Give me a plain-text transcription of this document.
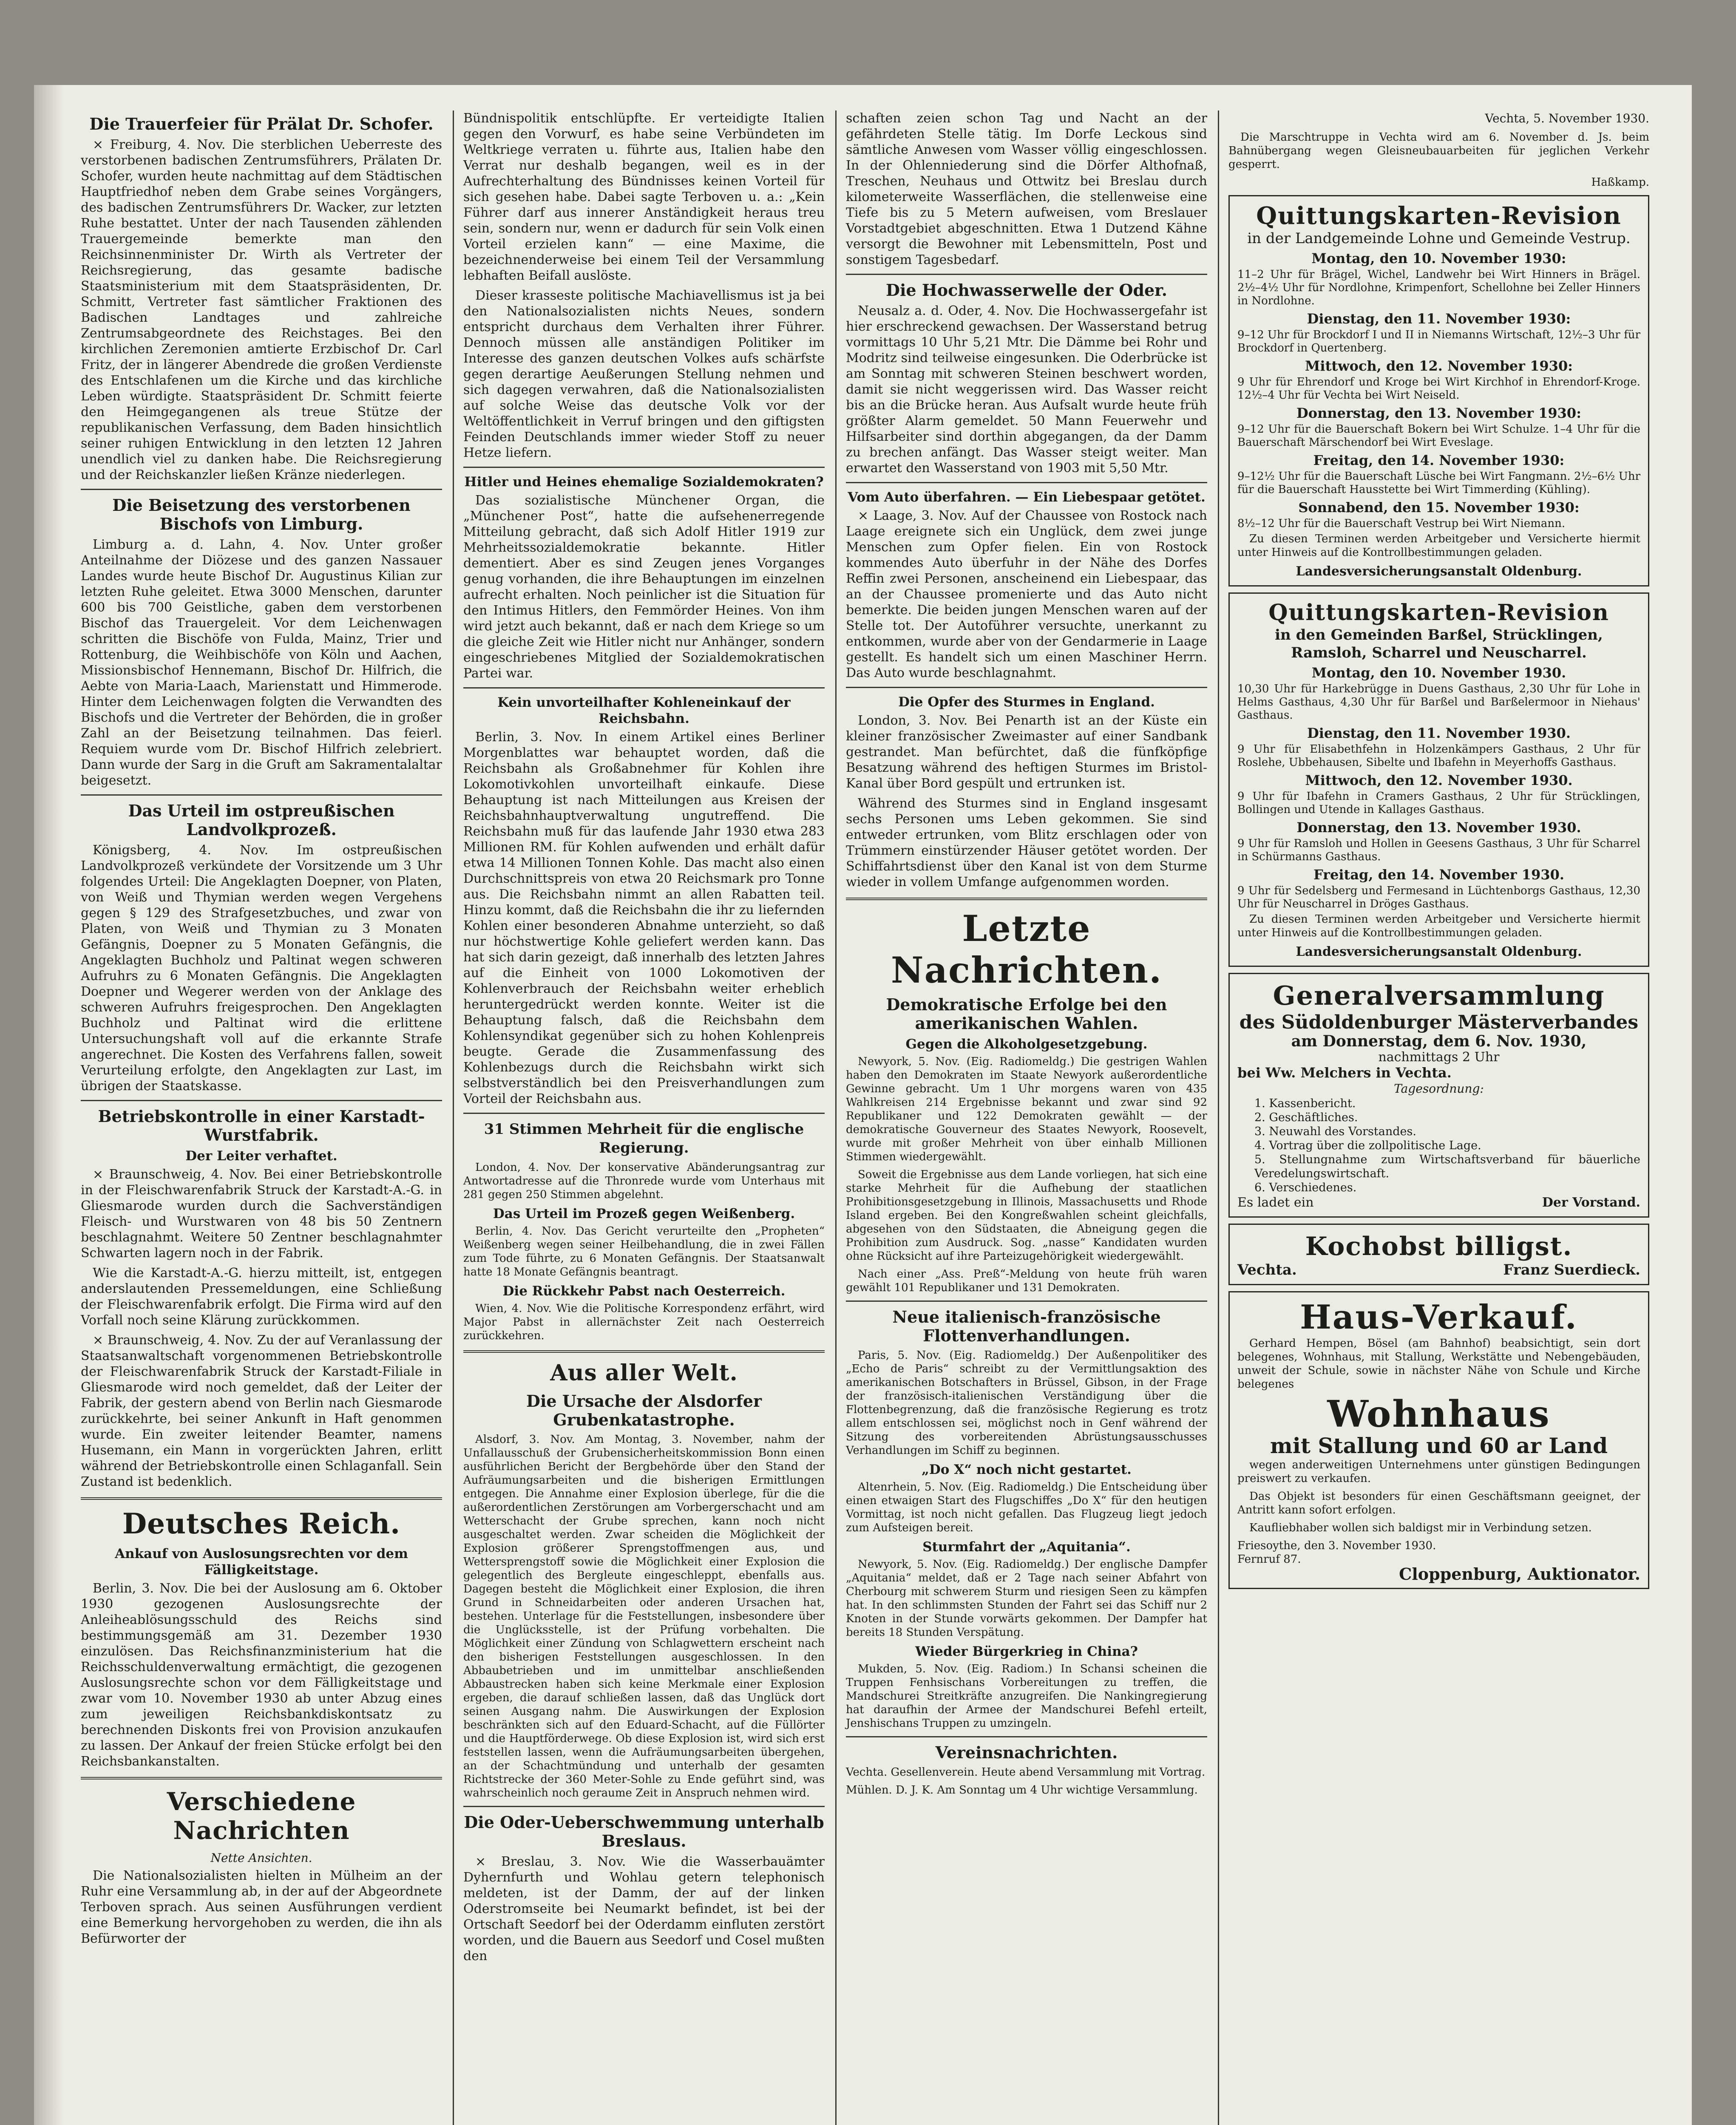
Die Trauerfeier für Prälat Dr. Schofer.

× Freiburg, 4. Nov. Die sterblichen Ueberreste des verstorbenen badischen Zentrumsführers, Prälaten Dr. Schofer, wurden heute nachmittag auf dem Städtischen Hauptfriedhof neben dem Grabe seines Vorgängers, des badischen Zentrumsführers Dr. Wacker, zur letzten Ruhe bestattet. Unter der nach Tausenden zählenden Trauergemeinde bemerkte man den Reichsinnenminister Dr. Wirth als Vertreter der Reichsregierung, das gesamte badische Staatsministerium mit dem Staatspräsidenten, Dr. Schmitt, Vertreter fast sämtlicher Fraktionen des Badischen Landtages und zahlreiche Zentrumsabgeordnete des Reichstages. Bei den kirchlichen Zeremonien amtierte Erzbischof Dr. Carl Fritz, der in längerer Abendrede die großen Verdienste des Entschlafenen um die Kirche und das kirchliche Leben würdigte. Staatspräsident Dr. Schmitt feierte den Heimgegangenen als treue Stütze der republikanischen Verfassung, dem Baden hinsichtlich seiner ruhigen Entwicklung in den letzten 12 Jahren unendlich viel zu danken habe. Die Reichsregierung und der Reichskanzler ließen Kränze niederlegen.

Die Beisetzung des verstorbenen Bischofs von Limburg.

Limburg a. d. Lahn, 4. Nov. Unter großer Anteilnahme der Diözese und des ganzen Nassauer Landes wurde heute Bischof Dr. Augustinus Kilian zur letzten Ruhe geleitet. Etwa 3000 Menschen, darunter 600 bis 700 Geistliche, gaben dem verstorbenen Bischof das Trauergeleit. Vor dem Leichenwagen schritten die Bischöfe von Fulda, Mainz, Trier und Rottenburg, die Weihbischöfe von Köln und Aachen, Missionsbischof Hennemann, Bischof Dr. Hilfrich, die Aebte von Maria-Laach, Marienstatt und Himmerode. Hinter dem Leichenwagen folgten die Verwandten des Bischofs und die Vertreter der Behörden, die in großer Zahl an der Beisetzung teilnahmen. Das feierl. Requiem wurde vom Dr. Bischof Hilfrich zelebriert. Dann wurde der Sarg in die Gruft am Sakramentalaltar beigesetzt.

Das Urteil im ostpreußischen Landvolkprozeß.

Königsberg, 4. Nov. Im ostpreußischen Landvolkprozeß verkündete der Vorsitzende um 3 Uhr folgendes Urteil: Die Angeklagten Doepner, von Platen, von Weiß und Thymian werden wegen Vergehens gegen § 129 des Strafgesetzbuches, und zwar von Platen, von Weiß und Thymian zu 3 Monaten Gefängnis, Doepner zu 5 Monaten Gefängnis, die Angeklagten Buchholz und Paltinat wegen schweren Aufruhrs zu 6 Monaten Gefängnis. Die Angeklagten Doepner und Wegerer werden von der Anklage des schweren Aufruhrs freigesprochen. Den Angeklagten Buchholz und Paltinat wird die erlittene Untersuchungshaft voll auf die erkannte Strafe angerechnet. Die Kosten des Verfahrens fallen, soweit Verurteilung erfolgte, den Angeklagten zur Last, im übrigen der Staatskasse.

Betriebskontrolle in einer Karstadt-Wurstfabrik.
Der Leiter verhaftet.

× Braunschweig, 4. Nov. Bei einer Betriebskontrolle in der Fleischwarenfabrik Struck der Karstadt-A.-G. in Gliesmarode wurden durch die Sachverständigen Fleisch- und Wurstwaren von 48 bis 50 Zentnern beschlagnahmt. Weitere 50 Zentner beschlagnahmter Schwarten lagern noch in der Fabrik.

Wie die Karstadt-A.-G. hierzu mitteilt, ist, entgegen anderslautenden Pressemeldungen, eine Schließung der Fleischwarenfabrik erfolgt. Die Firma wird auf den Vorfall noch seine Klärung zurückkommen.

× Braunschweig, 4. Nov. Zu der auf Veranlassung der Staatsanwaltschaft vorgenommenen Betriebskontrolle der Fleischwarenfabrik Struck der Karstadt-Filiale in Gliesmarode wird noch gemeldet, daß der Leiter der Fabrik, der gestern abend von Berlin nach Giesmarode zurückkehrte, bei seiner Ankunft in Haft genommen wurde. Ein zweiter leitender Beamter, namens Husemann, ein Mann in vorgerückten Jahren, erlitt während der Betriebskontrolle einen Schlaganfall. Sein Zustand ist bedenklich.

Deutsches Reich.
Ankauf von Auslosungsrechten vor dem Fälligkeitstage.

Berlin, 3. Nov. Die bei der Auslosung am 6. Oktober 1930 gezogenen Auslosungsrechte der Anleiheablösungsschuld des Reichs sind bestimmungsgemäß am 31. Dezember 1930 einzulösen. Das Reichsfinanzministerium hat die Reichsschuldenverwaltung ermächtigt, die gezogenen Auslosungsrechte schon vor dem Fälligkeitstage und zwar vom 10. November 1930 ab unter Abzug eines zum jeweiligen Reichsbankdiskontsatz zu berechnenden Diskonts frei von Provision anzukaufen zu lassen. Der Ankauf der freien Stücke erfolgt bei den Reichsbankanstalten.

Verschiedene Nachrichten
Nette Ansichten.

Die Nationalsozialisten hielten in Mülheim an der Ruhr eine Versammlung ab, in der auf der Abgeordnete Terboven sprach. Aus seinen Ausführungen verdient eine Bemerkung hervorgehoben zu werden, die ihn als Befürworter der

Bündnispolitik entschlüpfte. Er verteidigte Italien gegen den Vorwurf, es habe seine Verbündeten im Weltkriege verraten u. führte aus, Italien habe den Verrat nur deshalb begangen, weil es in der Aufrechterhaltung des Bündnisses keinen Vorteil für sich gesehen habe. Dabei sagte Terboven u. a.: „Kein Führer darf aus innerer Anständigkeit heraus treu sein, sondern nur, wenn er dadurch für sein Volk einen Vorteil erzielen kann“ — eine Maxime, die bezeichnenderweise bei einem Teil der Versammlung lebhaften Beifall auslöste.

Dieser krasseste politische Machiavellismus ist ja bei den Nationalsozialisten nichts Neues, sondern entspricht durchaus dem Verhalten ihrer Führer. Dennoch müssen alle anständigen Politiker im Interesse des ganzen deutschen Volkes aufs schärfste gegen derartige Aeußerungen Stellung nehmen und sich dagegen verwahren, daß die Nationalsozialisten auf solche Weise das deutsche Volk vor der Weltöffentlichkeit in Verruf bringen und den giftigsten Feinden Deutschlands immer wieder Stoff zu neuer Hetze liefern.

Hitler und Heines ehemalige Sozialdemokraten?

Das sozialistische Münchener Organ, die „Münchener Post“, hatte die aufsehenerregende Mitteilung gebracht, daß sich Adolf Hitler 1919 zur Mehrheitssozialdemokratie bekannte. Hitler dementiert. Aber es sind Zeugen jenes Vorganges genug vorhanden, die ihre Behauptungen im einzelnen aufrecht erhalten. Noch peinlicher ist die Situation für den Intimus Hitlers, den Femmörder Heines. Von ihm wird jetzt auch bekannt, daß er nach dem Kriege so um die gleiche Zeit wie Hitler nicht nur Anhänger, sondern eingeschriebenes Mitglied der Sozialdemokratischen Partei war.

Kein unvorteilhafter Kohleneinkauf der Reichsbahn.

Berlin, 3. Nov. In einem Artikel eines Berliner Morgenblattes war behauptet worden, daß die Reichsbahn als Großabnehmer für Kohlen ihre Lokomotivkohlen unvorteilhaft einkaufe. Diese Behauptung ist nach Mitteilungen aus Kreisen der Reichsbahnhauptverwaltung ungutreffend. Die Reichsbahn muß für das laufende Jahr 1930 etwa 283 Millionen RM. für Kohlen aufwenden und erhält dafür etwa 14 Millionen Tonnen Kohle. Das macht also einen Durchschnittspreis von etwa 20 Reichsmark pro Tonne aus. Die Reichsbahn nimmt an allen Rabatten teil. Hinzu kommt, daß die Reichsbahn die ihr zu liefernden Kohlen einer besonderen Abnahme unterzieht, so daß nur höchstwertige Kohle geliefert werden kann. Das hat sich darin gezeigt, daß innerhalb des letzten Jahres auf die Einheit von 1000 Lokomotiven der Kohlenverbrauch der Reichsbahn weiter erheblich heruntergedrückt werden konnte. Weiter ist die Behauptung falsch, daß die Reichsbahn dem Kohlensyndikat gegenüber sich zu hohen Kohlenpreis beugte. Gerade die Zusammenfassung des Kohlenbezugs durch die Reichsbahn wirkt sich selbstverständlich bei den Preisverhandlungen zum Vorteil der Reichsbahn aus.

31 Stimmen Mehrheit für die englische Regierung.

London, 4. Nov. Der konservative Abänderungsantrag zur Antwortadresse auf die Thronrede wurde vom Unterhaus mit 281 gegen 250 Stimmen abgelehnt.

Das Urteil im Prozeß gegen Weißenberg.

Berlin, 4. Nov. Das Gericht verurteilte den „Propheten“ Weißenberg wegen seiner Heilbehandlung, die in zwei Fällen zum Tode führte, zu 6 Monaten Gefängnis. Der Staatsanwalt hatte 18 Monate Gefängnis beantragt.

Die Rückkehr Pabst nach Oesterreich.

Wien, 4. Nov. Wie die Politische Korrespondenz erfährt, wird Major Pabst in allernächster Zeit nach Oesterreich zurückkehren.

Aus aller Welt.
Die Ursache der Alsdorfer Grubenkatastrophe.

Alsdorf, 3. Nov. Am Montag, 3. November, nahm der Unfallausschuß der Grubensicherheitskommission Bonn einen ausführlichen Bericht der Bergbehörde über den Stand der Aufräumungsarbeiten und die bisherigen Ermittlungen entgegen. Die Annahme einer Explosion überlege, für die die außerordentlichen Zerstörungen am Vorbergerschacht und am Wetterschacht der Grube sprechen, kann noch nicht ausgeschaltet werden. Zwar scheiden die Möglichkeit der Explosion größerer Sprengstoffmengen aus, und Wettersprengstoff sowie die Möglichkeit einer Explosion die gelegentlich des Bergleute eingeschleppt, ebenfalls aus. Dagegen besteht die Möglichkeit einer Explosion, die ihren Grund in Schneidarbeiten oder anderen Ursachen hat, bestehen. Unterlage für die Feststellungen, insbesondere über die Unglücksstelle, ist der Prüfung vorbehalten. Die Möglichkeit einer Zündung von Schlagwettern erscheint nach den bisherigen Feststellungen ausgeschlossen. In den Abbaubetrieben und im unmittelbar anschließenden Abbaustrecken haben sich keine Merkmale einer Explosion ergeben, die darauf schließen lassen, daß das Unglück dort seinen Ausgang nahm. Die Auswirkungen der Explosion beschränkten sich auf den Eduard-Schacht, auf die Füllörter und die Hauptförderwege. Ob diese Explosion ist, wird sich erst feststellen lassen, wenn die Aufräumungsarbeiten übergehen, an der Schachtmündung und unterhalb der gesamten Richtstrecke der 360 Meter-Sohle zu Ende geführt sind, was wahrscheinlich noch geraume Zeit in Anspruch nehmen wird.

Die Oder-Ueberschwemmung unterhalb Breslaus.

× Breslau, 3. Nov. Wie die Wasserbauämter Dyhernfurth und Wohlau getern telephonisch meldeten, ist der Damm, der auf der linken Oderstromseite bei Neumarkt befindet, ist bei der Ortschaft Seedorf bei der Oderdamm einfluten zerstört worden, und die Bauern aus Seedorf und Cosel mußten den

schaften zeien schon Tag und Nacht an der gefährdeten Stelle tätig. Im Dorfe Leckous sind sämtliche Anwesen vom Wasser völlig eingeschlossen. In der Ohlenniederung sind die Dörfer Althofnaß, Treschen, Neuhaus und Ottwitz bei Breslau durch kilometerweite Wasserflächen, die stellenweise eine Tiefe bis zu 5 Metern aufweisen, vom Breslauer Vorstadtgebiet abgeschnitten. Etwa 1 Dutzend Kähne versorgt die Bewohner mit Lebensmitteln, Post und sonstigem Tagesbedarf.

Die Hochwasserwelle der Oder.

Neusalz a. d. Oder, 4. Nov. Die Hochwassergefahr ist hier erschreckend gewachsen. Der Wasserstand betrug vormittags 10 Uhr 5,21 Mtr. Die Dämme bei Rohr und Modritz sind teilweise eingesunken. Die Oderbrücke ist am Sonntag mit schweren Steinen beschwert worden, damit sie nicht weggerissen wird. Das Wasser reicht bis an die Brücke heran. Aus Aufsalt wurde heute früh größter Alarm gemeldet. 50 Mann Feuerwehr und Hilfsarbeiter sind dorthin abgegangen, da der Damm zu brechen anfängt. Das Wasser steigt weiter. Man erwartet den Wasserstand von 1903 mit 5,50 Mtr.

Vom Auto überfahren. — Ein Liebespaar getötet.

× Laage, 3. Nov. Auf der Chaussee von Rostock nach Laage ereignete sich ein Unglück, dem zwei junge Menschen zum Opfer fielen. Ein von Rostock kommendes Auto überfuhr in der Nähe des Dorfes Reffin zwei Personen, anscheinend ein Liebespaar, das an der Chaussee promenierte und das Auto nicht bemerkte. Die beiden jungen Menschen waren auf der Stelle tot. Der Autoführer versuchte, unerkannt zu entkommen, wurde aber von der Gendarmerie in Laage gestellt. Es handelt sich um einen Maschiner Herrn. Das Auto wurde beschlagnahmt.

Die Opfer des Sturmes in England.

London, 3. Nov. Bei Penarth ist an der Küste ein kleiner französischer Zweimaster auf einer Sandbank gestrandet. Man befürchtet, daß die fünfköpfige Besatzung während des heftigen Sturmes im Bristol-Kanal über Bord gespült und ertrunken ist.

Während des Sturmes sind in England insgesamt sechs Personen ums Leben gekommen. Sie sind entweder ertrunken, vom Blitz erschlagen oder von Trümmern einstürzender Häuser getötet worden. Der Schiffahrtsdienst über den Kanal ist von dem Sturme wieder in vollem Umfange aufgenommen worden.

Letzte Nachrichten.
Demokratische Erfolge bei den amerikanischen Wahlen.
Gegen die Alkoholgesetzgebung.

Newyork, 5. Nov. (Eig. Radiomeldg.) Die gestrigen Wahlen haben den Demokraten im Staate Newyork außerordentliche Gewinne gebracht. Um 1 Uhr morgens waren von 435 Wahlkreisen 214 Ergebnisse bekannt und zwar sind 92 Republikaner und 122 Demokraten gewählt — der demokratische Gouverneur des Staates Newyork, Roosevelt, wurde mit großer Mehrheit von über einhalb Millionen Stimmen wiedergewählt.

Soweit die Ergebnisse aus dem Lande vorliegen, hat sich eine starke Mehrheit für die Aufhebung der staatlichen Prohibitionsgesetzgebung in Illinois, Massachusetts und Rhode Island ergeben. Bei den Kongreßwahlen scheint gleichfalls, abgesehen von den Südstaaten, die Abneigung gegen die Prohibition zum Ausdruck. Sog. „nasse“ Kandidaten wurden ohne Rücksicht auf ihre Parteizugehörigkeit wiedergewählt.

Nach einer „Ass. Preß“-Meldung von heute früh waren gewählt 101 Republikaner und 131 Demokraten.

Neue italienisch-französische Flottenverhandlungen.

Paris, 5. Nov. (Eig. Radiomeldg.) Der Außenpolitiker des „Echo de Paris“ schreibt zu der Vermittlungsaktion des amerikanischen Botschafters in Brüssel, Gibson, in der Frage der französisch-italienischen Verständigung über die Flottenbegrenzung, daß die französische Regierung es trotz allem entschlossen sei, möglichst noch in Genf während der Sitzung des vorbereitenden Abrüstungsausschusses Verhandlungen im Schiff zu beginnen.

„Do X“ noch nicht gestartet.

Altenrhein, 5. Nov. (Eig. Radiomeldg.) Die Entscheidung über einen etwaigen Start des Flugschiffes „Do X“ für den heutigen Vormittag, ist noch nicht gefallen. Das Flugzeug liegt jedoch zum Aufsteigen bereit.

Sturmfahrt der „Aquitania“.

Newyork, 5. Nov. (Eig. Radiomeldg.) Der englische Dampfer „Aquitania“ meldet, daß er 2 Tage nach seiner Abfahrt von Cherbourg mit schwerem Sturm und riesigen Seen zu kämpfen hat. In den schlimmsten Stunden der Fahrt sei das Schiff nur 2 Knoten in der Stunde vorwärts gekommen. Der Dampfer hat bereits 18 Stunden Verspätung.

Wieder Bürgerkrieg in China?

Mukden, 5. Nov. (Eig. Radiom.) In Schansi scheinen die Truppen Fenhsischans Vorbereitungen zu treffen, die Mandschurei Streitkräfte anzugreifen. Die Nankingregierung hat daraufhin der Armee der Mandschurei Befehl erteilt, Jenshischans Truppen zu umzingeln.

Vereinsnachrichten.

Vechta. Gesellenverein. Heute abend Versammlung mit Vortrag.

Mühlen. D. J. K. Am Sonntag um 4 Uhr wichtige Versammlung.

Vechta, 5. November 1930.

Die Marschtruppe in Vechta wird am 6. November d. Js. beim Bahnübergang wegen Gleisneubauarbeiten für jeglichen Verkehr gesperrt.

Haßkamp.
Quittungskarten-Revision
in der Landgemeinde Lohne und Gemeinde Vestrup.
Montag, den 10. November 1930:
11–2 Uhr für Brägel, Wichel, Landwehr bei Wirt Hinners in Brägel. 2½–4½ Uhr für Nordlohne, Krimpenfort, Schellohne bei Zeller Hinners in Nordlohne.
Dienstag, den 11. November 1930:
9–12 Uhr für Brockdorf I und II in Niemanns Wirtschaft, 12½–3 Uhr für Brockdorf in Quertenberg.
Mittwoch, den 12. November 1930:
9 Uhr für Ehrendorf und Kroge bei Wirt Kirchhof in Ehrendorf-Kroge. 12½–4 Uhr für Vechta bei Wirt Neiseld.
Donnerstag, den 13. November 1930:
9–12 Uhr für die Bauerschaft Bokern bei Wirt Schulze. 1–4 Uhr für die Bauerschaft Märschendorf bei Wirt Eveslage.
Freitag, den 14. November 1930:
9–12½ Uhr für die Bauerschaft Lüsche bei Wirt Fangmann. 2½–6½ Uhr für die Bauerschaft Hausstette bei Wirt Timmerding (Kühling).
Sonnabend, den 15. November 1930:
8½–12 Uhr für die Bauerschaft Vestrup bei Wirt Niemann.

Zu diesen Terminen werden Arbeitgeber und Versicherte hiermit unter Hinweis auf die Kontrollbestimmungen geladen.

Landesversicherungsanstalt Oldenburg.
Quittungskarten-Revision
in den Gemeinden Barßel, Strücklingen, Ramsloh, Scharrel und Neuscharrel.
Montag, den 10. November 1930.
10,30 Uhr für Harkebrügge in Duens Gasthaus, 2,30 Uhr für Lohe in Helms Gasthaus, 4,30 Uhr für Barßel und Barßelermoor in Niehaus' Gasthaus.
Dienstag, den 11. November 1930.
9 Uhr für Elisabethfehn in Holzenkämpers Gasthaus, 2 Uhr für Roslehe, Ubbehausen, Sibelte und Ibafehn in Meyerhoffs Gasthaus.
Mittwoch, den 12. November 1930.
9 Uhr für Ibafehn in Cramers Gasthaus, 2 Uhr für Strücklingen, Bollingen und Utende in Kallages Gasthaus.
Donnerstag, den 13. November 1930.
9 Uhr für Ramsloh und Hollen in Geesens Gasthaus, 3 Uhr für Scharrel in Schürmanns Gasthaus.
Freitag, den 14. November 1930.
9 Uhr für Sedelsberg und Fermesand in Lüchtenborgs Gasthaus, 12,30 Uhr für Neuscharrel in Dröges Gasthaus.

Zu diesen Terminen werden Arbeitgeber und Versicherte hiermit unter Hinweis auf die Kontrollbestimmungen geladen.

Landesversicherungsanstalt Oldenburg.
Generalversammlung
des Südoldenburger Mästerverbandes
am Donnerstag, dem 6. Nov. 1930,
nachmittags 2 Uhr
bei Ww. Melchers in Vechta.
Tagesordnung:
1. Kassenbericht.
2. Geschäftliches.
3. Neuwahl des Vorstandes.
4. Vortrag über die zollpolitische Lage.
5. Stellungnahme zum Wirtschaftsverband für bäuerliche Veredelungswirtschaft.
6. Verschiedenes.
Es ladet ein	Der Vorstand.
Kochobst billigst.
Vechta.	Franz Suerdieck.
Haus-Verkauf.

Gerhard Hempen, Bösel (am Bahnhof) beabsichtigt, sein dort belegenes, Wohnhaus, mit Stallung, Werkstätte und Nebengebäuden, unweit der Schule, sowie in nächster Nähe von Schule und Kirche belegenes

Wohnhaus
mit Stallung und 60 ar Land

wegen anderweitigen Unternehmens unter günstigen Bedingungen preiswert zu verkaufen.

Das Objekt ist besonders für einen Geschäftsmann geeignet, der Antritt kann sofort erfolgen.

Kaufliebhaber wollen sich baldigst mir in Verbindung setzen.

Friesoythe, den 3. November 1930.
Fernruf 87.
Cloppenburg, Auktionator.
